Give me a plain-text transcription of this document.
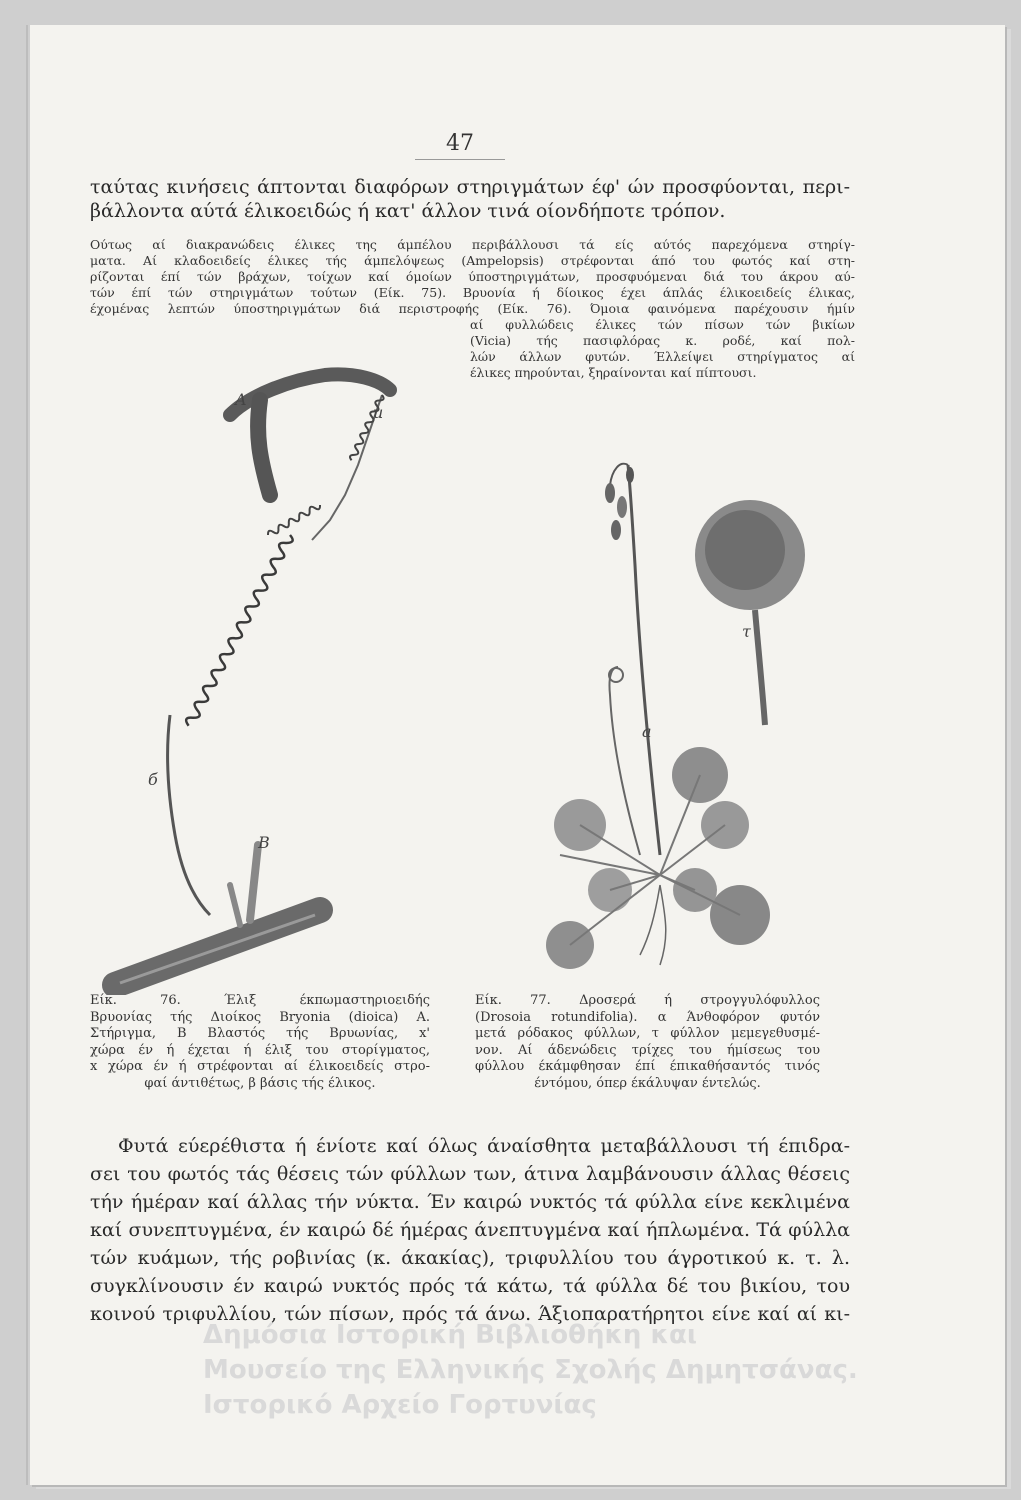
47
ταύτας κινήσεις άπτονται διαφόρων στηριγμάτων έφ' ών προσφύονται, περι-
βάλλοντα αύτά έλικοειδώς ή κατ' άλλον τινά οίονδήποτε τρόπον.
Ούτως αί διακρανώδεις έλικες της άμπέλου περιβάλλουσι τά είς αύτός παρεχόμενα στηρίγ-
ματα. Αί κλαδοειδείς έλικες τής άμπελόψεως (Ampelopsis) στρέφονται άπό του φωτός καί στη-
ρίζονται έπί τών βράχων, τοίχων καί όμοίων ύποστηριγμάτων, προσφυόμεναι διά του άκρου αύ-
τών έπί τών στηριγμάτων τούτων (Είκ. 75). Βρυονία ή δίοικος έχει άπλάς έλικοειδείς έλικας,
έχομένας λεπτών ύποστηριγμάτων διά περιστροφής (Είκ. 76). Όμοια φαινόμενα παρέχουσιν ήμίν
αί φυλλώδεις έλικες τών πίσων τών βικίων
(Vicia) τής πασιφλόρας κ. ροδέ, καί πολ-
λών άλλων φυτών. Έλλείψει στηρίγματος αί
έλικες πηρούνται, ξηραίνονται καί πίπτουσι.
A
u
B
б
a
τ
Είκ. 76. Έλιξ έκπωμαστηριοειδής
Βρυονίας τής Διοίκος Bryonia (dioica) A.
Στήριγμα, B Βλαστός τής Βρυωνίας, x'
χώρα έν ή έχεται ή έλιξ του στορίγματος,
x χώρα έν ή στρέφονται αί έλικοειδείς στρο-
φαί άντιθέτως, β βάσις τής έλικος.
Είκ. 77. Δροσερά ή στρογγυλόφυλλος
(Drosoia rotundifolia). α Άνθοφόρον φυτόν
μετά ρόδακος φύλλων, τ φύλλον μεμεγεθυσμέ-
νον. Αί άδενώδεις τρίχες του ήμίσεως του
φύλλου έκάμφθησαν έπί έπικαθήσαντός τινός
έντόμου, όπερ έκάλυψαν έντελώς.
Φυτά εύερέθιστα ή ένίοτε καί όλως άναίσθητα μεταβάλλουσι τή έπιδρα-
σει του φωτός τάς θέσεις τών φύλλων των, άτινα λαμβάνουσιν άλλας θέσεις
τήν ήμέραν καί άλλας τήν νύκτα. Έν καιρώ νυκτός τά φύλλα είνε κεκλιμένα
καί συνεπτυγμένα, έν καιρώ δέ ήμέρας άνεπτυγμένα καί ήπλωμένα. Τά φύλλα
τών κυάμων, τής ροβινίας (κ. άκακίας), τριφυλλίου του άγροτικού κ. τ. λ.
συγκλίνουσιν έν καιρώ νυκτός πρός τά κάτω, τά φύλλα δέ του βικίου, του
κοινού τριφυλλίου, τών πίσων, πρός τά άνω. Άξιοπαρατήρητοι είνε καί αί κι-
Δημόσια Ιστορική Βιβλιοθήκη και
Μουσείο της Ελληνικής Σχολής Δημητσάνας.
Ιστορικό Αρχείο Γορτυνίας
